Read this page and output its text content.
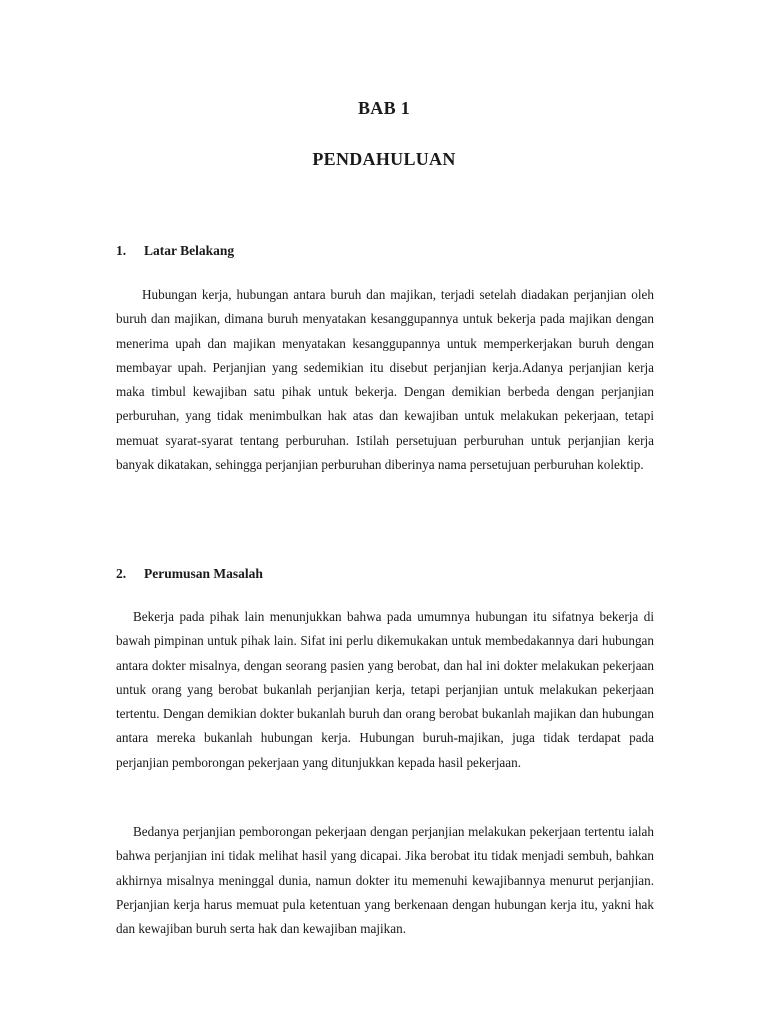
BAB 1
PENDAHULUAN
1.	Latar Belakang
Hubungan kerja, hubungan antara buruh dan majikan, terjadi setelah diadakan perjanjian oleh buruh dan majikan, dimana buruh menyatakan kesanggupannya untuk bekerja pada majikan dengan menerima upah dan majikan menyatakan kesanggupannya untuk memperkerjakan buruh dengan membayar upah. Perjanjian yang sedemikian itu disebut perjanjian kerja.Adanya perjanjian kerja maka timbul kewajiban satu pihak untuk bekerja. Dengan demikian berbeda dengan perjanjian perburuhan, yang tidak menimbulkan hak atas dan kewajiban untuk melakukan pekerjaan, tetapi memuat syarat-syarat tentang perburuhan. Istilah persetujuan perburuhan untuk perjanjian kerja banyak dikatakan, sehingga perjanjian perburuhan diberinya nama persetujuan perburuhan kolektip.
2.	Perumusan Masalah
Bekerja pada pihak lain menunjukkan bahwa pada umumnya hubungan itu sifatnya bekerja di bawah pimpinan untuk pihak lain. Sifat ini perlu dikemukakan untuk membedakannya dari hubungan antara dokter misalnya, dengan seorang pasien yang berobat, dan hal ini dokter melakukan pekerjaan untuk orang yang berobat bukanlah perjanjian kerja, tetapi perjanjian untuk melakukan pekerjaan tertentu. Dengan demikian dokter bukanlah buruh dan orang berobat bukanlah majikan dan hubungan antara mereka bukanlah hubungan kerja. Hubungan buruh-majikan, juga tidak terdapat pada perjanjian pemborongan pekerjaan yang ditunjukkan kepada hasil pekerjaan.
Bedanya perjanjian pemborongan pekerjaan dengan perjanjian melakukan pekerjaan tertentu ialah bahwa perjanjian ini tidak melihat hasil yang dicapai. Jika berobat itu tidak menjadi sembuh, bahkan akhirnya misalnya meninggal dunia, namun dokter itu memenuhi kewajibannya menurut perjanjian. Perjanjian kerja harus memuat pula ketentuan yang berkenaan dengan hubungan kerja itu, yakni hak dan kewajiban buruh serta hak dan kewajiban majikan.
